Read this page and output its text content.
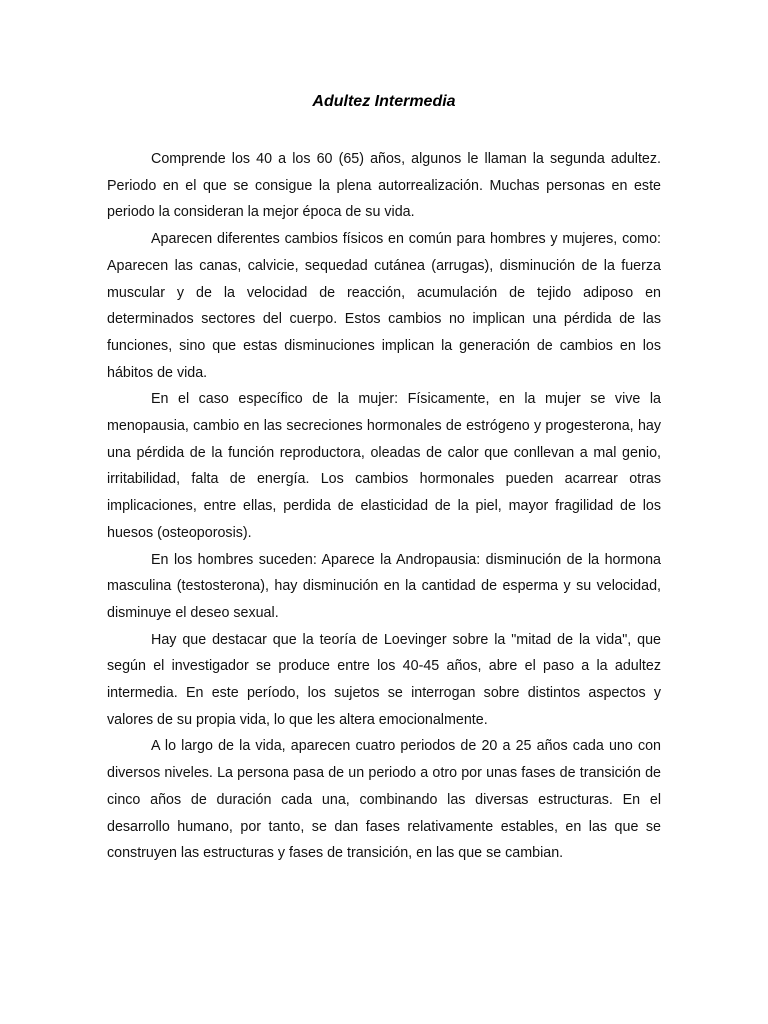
Adultez Intermedia

Comprende los 40 a los 60 (65) años, algunos le llaman la segunda adultez. Periodo en el que se consigue la plena autorrealización. Muchas personas en este periodo la consideran la mejor época de su vida.

Aparecen diferentes cambios físicos en común para hombres y mujeres, como: Aparecen las canas, calvicie, sequedad cutánea (arrugas), disminución de la fuerza muscular y de la velocidad de reacción, acumulación de tejido adiposo en determinados sectores del cuerpo. Estos cambios no implican una pérdida de las funciones, sino que estas disminuciones implican la generación de cambios en los hábitos de vida.

En el caso específico de la mujer: Físicamente, en la mujer se vive la menopausia, cambio en las secreciones hormonales de estrógeno y progesterona, hay una pérdida de la función reproductora, oleadas de calor que conllevan a mal genio, irritabilidad, falta de energía. Los cambios hormonales pueden acarrear otras implicaciones, entre ellas, perdida de elasticidad de la piel, mayor fragilidad de los huesos (osteoporosis).

En los hombres suceden: Aparece la Andropausia: disminución de la hormona masculina (testosterona), hay disminución en la cantidad de esperma y su velocidad, disminuye el deseo sexual.

Hay que destacar que la teoría de Loevinger sobre la "mitad de la vida", que según el investigador se produce entre los 40-45 años, abre el paso a la adultez intermedia. En este período, los sujetos se interrogan sobre distintos aspectos y valores de su propia vida, lo que les altera emocionalmente.

A lo largo de la vida, aparecen cuatro periodos de 20 a 25 años cada uno con diversos niveles. La persona pasa de un periodo a otro por unas fases de transición de cinco años de duración cada una, combinando las diversas estructuras. En el desarrollo humano, por tanto, se dan fases relativamente estables, en las que se construyen las estructuras y fases de transición, en las que se cambian.
